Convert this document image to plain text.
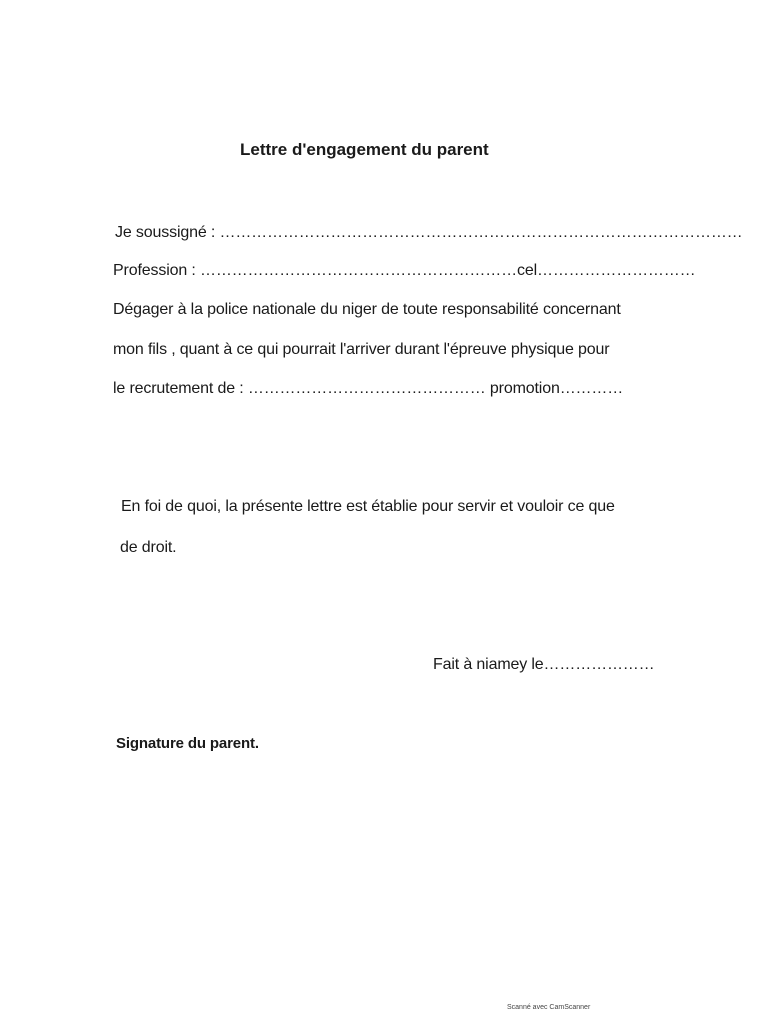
Lettre d'engagement du parent
Je soussigné : ………………………………………………………………………………………
Profession : ……………………………………………………cel…………………………
Dégager à la police nationale du niger de toute responsabilité concernant
mon fils , quant à ce qui pourrait l'arriver durant l'épreuve physique pour
le recrutement de : ……………………………………… promotion…………
En foi de quoi, la présente lettre est établie pour servir et vouloir ce que
de droit.
Fait à niamey le…………………
Signature du parent.
Scanné avec CamScanner
